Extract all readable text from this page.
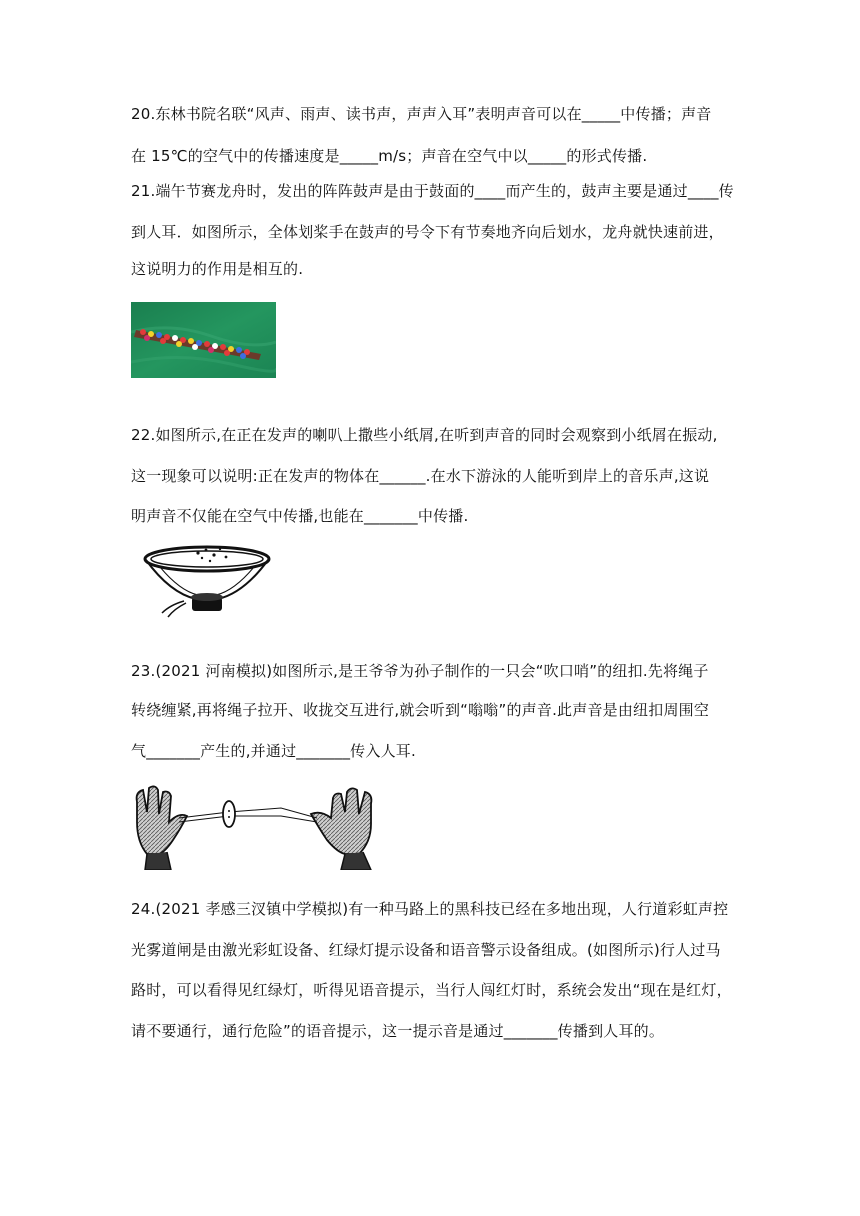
20.东林书院名联“风声、雨声、读书声，声声入耳”表明声音可以在_____中传播；声音
在 15℃的空气中的传播速度是_____m/s；声音在空气中以_____的形式传播.
21.端午节赛龙舟时，发出的阵阵鼓声是由于鼓面的____而产生的，鼓声主要是通过____传
到人耳．如图所示，全体划桨手在鼓声的号令下有节奏地齐向后划水，龙舟就快速前进，
这说明力的作用是相互的.
22.如图所示,在正在发声的喇叭上撒些小纸屑,在听到声音的同时会观察到小纸屑在振动,
这一现象可以说明:正在发声的物体在______.在水下游泳的人能听到岸上的音乐声,这说
明声音不仅能在空气中传播,也能在_______中传播.
23.(2021 河南模拟)如图所示,是王爷爷为孙子制作的一只会“吹口哨”的纽扣.先将绳子
转绕缠紧,再将绳子拉开、收拢交互进行,就会听到“嗡嗡”的声音.此声音是由纽扣周围空
气_______产生的,并通过_______传入人耳.
24.(2021 孝感三汊镇中学模拟)有一种马路上的黑科技已经在多地出现，人行道彩虹声控
光雾道闸是由激光彩虹设备、红绿灯提示设备和语音警示设备组成。(如图所示)行人过马
路时，可以看得见红绿灯，听得见语音提示，当行人闯红灯时，系统会发出“现在是红灯，
请不要通行，通行危险”的语音提示，这一提示音是通过_______传播到人耳的。
